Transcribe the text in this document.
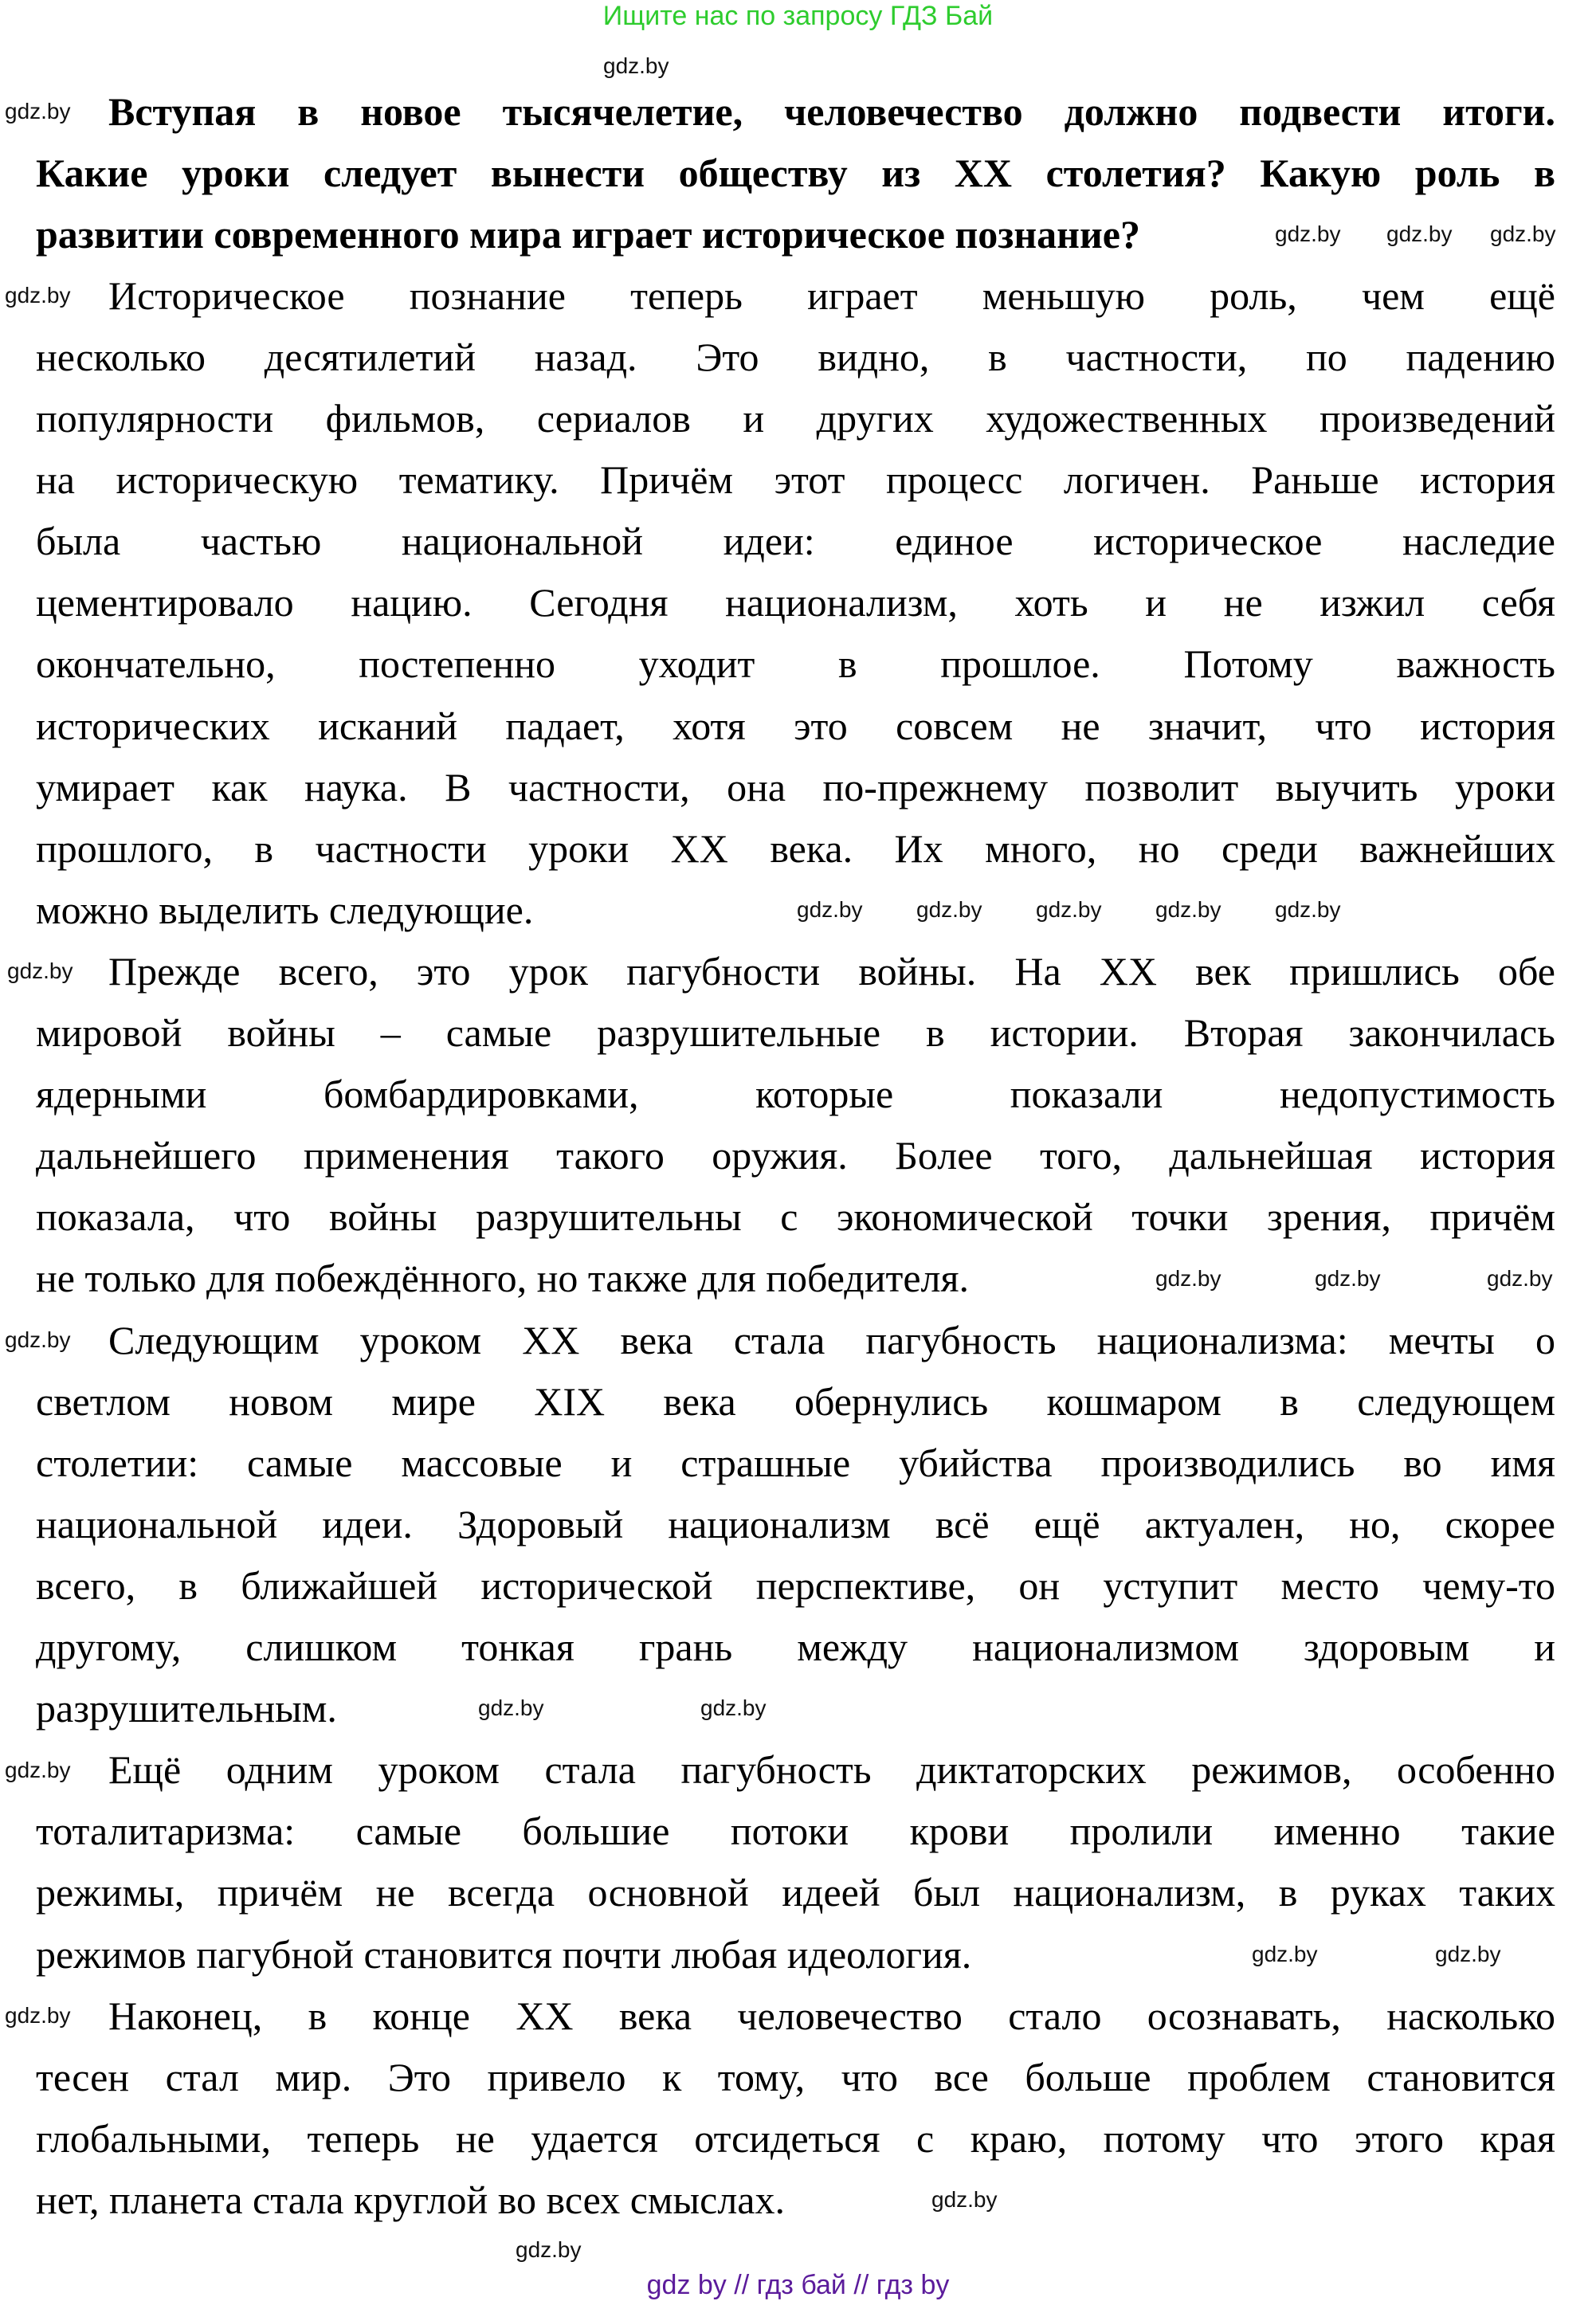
Ищите нас по запросу ГДЗ Бай
Вступая в новое тысячелетие, человечество должно подвести итоги.
Какие уроки следует вынести обществу из XX столетия? Какую роль в
развитии современного мира играет историческое познание?
Историческое познание теперь играет меньшую роль, чем ещё
несколько десятилетий назад. Это видно, в частности, по падению
популярности фильмов, сериалов и других художественных произведений
на историческую тематику. Причём этот процесс логичен. Раньше история
была частью национальной идеи: единое историческое наследие
цементировало нацию. Сегодня национализм, хоть и не изжил себя
окончательно, постепенно уходит в прошлое. Потому важность
исторических исканий падает, хотя это совсем не значит, что история
умирает как наука. В частности, она по-прежнему позволит выучить уроки
прошлого, в частности уроки XX века. Их много, но среди важнейших
можно выделить следующие.
Прежде всего, это урок пагубности войны. На XX век пришлись обе
мировой войны – самые разрушительные в истории. Вторая закончилась
ядерными бомбардировками, которые показали недопустимость
дальнейшего применения такого оружия. Более того, дальнейшая история
показала, что войны разрушительны с экономической точки зрения, причём
не только для побеждённого, но также для победителя.
Следующим уроком XX века стала пагубность национализма: мечты о
светлом новом мире XIX века обернулись кошмаром в следующем
столетии: самые массовые и страшные убийства производились во имя
национальной идеи. Здоровый национализм всё ещё актуален, но, скорее
всего, в ближайшей исторической перспективе, он уступит место чему-то
другому, слишком тонкая грань между национализмом здоровым и
разрушительным.
Ещё одним уроком стала пагубность диктаторских режимов, особенно
тоталитаризма: самые большие потоки крови пролили именно такие
режимы, причём не всегда основной идеей был национализм, в руках таких
режимов пагубной становится почти любая идеология.
Наконец, в конце XX века человечество стало осознавать, насколько
тесен стал мир. Это привело к тому, что все больше проблем становится
глобальными, теперь не удается отсидеться с краю, потому что этого края
нет, планета стала круглой во всех смыслах.
gdz.by
gdz.by
gdz.by	gdz.by
gdz.by
gdz.by
gdz.by gdz.by gdz.by gdz.by
gdz.by
gdz.by
gdz.by	gdz.by	gdz.by
gdz.by
gdz.by	gdz.by
gdz.by
gdz.by	gdz.by
gdz.by
gdz.by
gdz.by
gdz by // гдз бай // гдз by
